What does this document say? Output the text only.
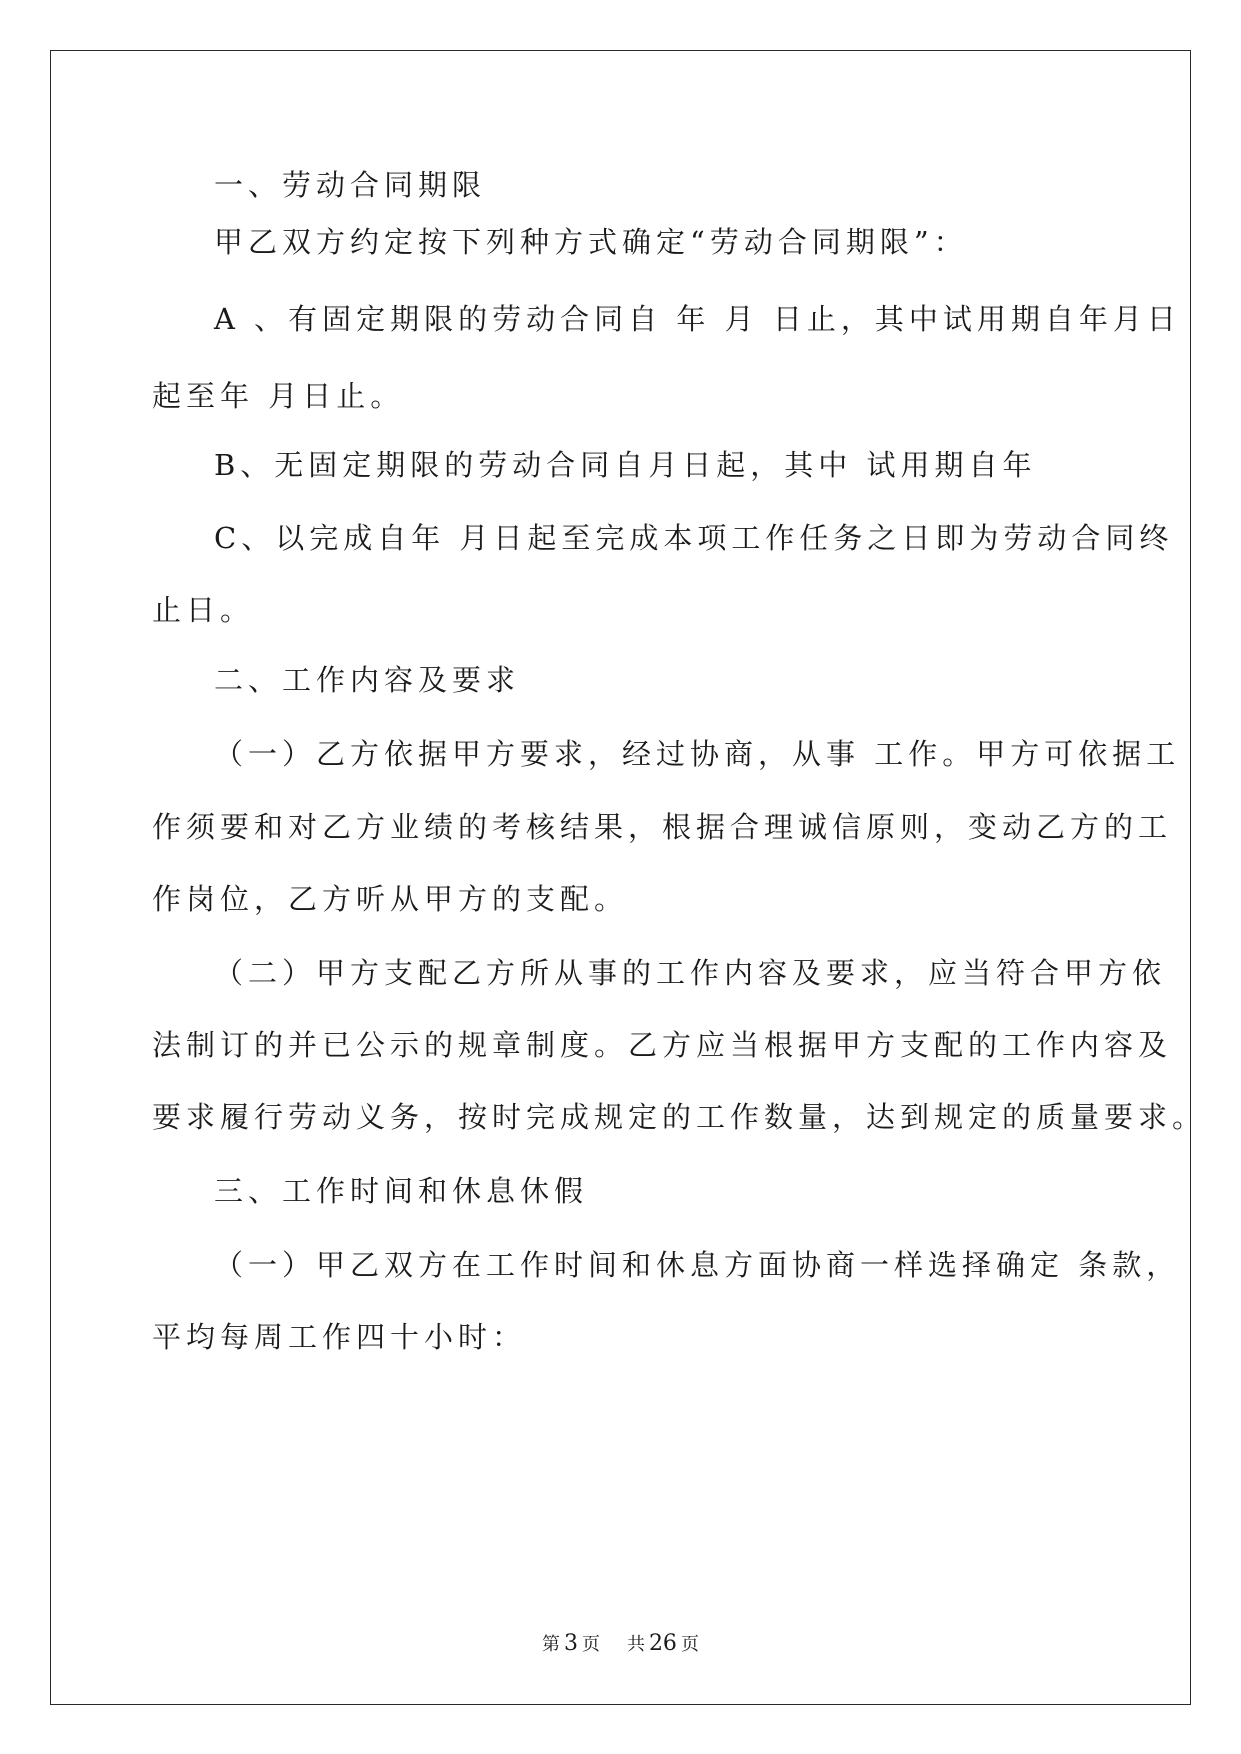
一、劳动合同期限
甲乙双方约定按下列种方式确定“劳动合同期限”：
A 、有固定期限的劳动合同自 年 月 日止，其中试用期自年月日
起至年 月日止。
B、无固定期限的劳动合同自月日起，其中 试用期自年
C、以完成自年 月日起至完成本项工作任务之日即为劳动合同终
止日。
二、工作内容及要求
（一）乙方依据甲方要求，经过协商，从事 工作。甲方可依据工
作须要和对乙方业绩的考核结果，根据合理诚信原则，变动乙方的工
作岗位，乙方听从甲方的支配。
（二）甲方支配乙方所从事的工作内容及要求，应当符合甲方依
法制订的并已公示的规章制度。乙方应当根据甲方支配的工作内容及
要求履行劳动义务，按时完成规定的工作数量，达到规定的质量要求。
三、工作时间和休息休假
（一）甲乙双方在工作时间和休息方面协商一样选择确定 条款，
平均每周工作四十小时：
第 3 页 共 26 页
